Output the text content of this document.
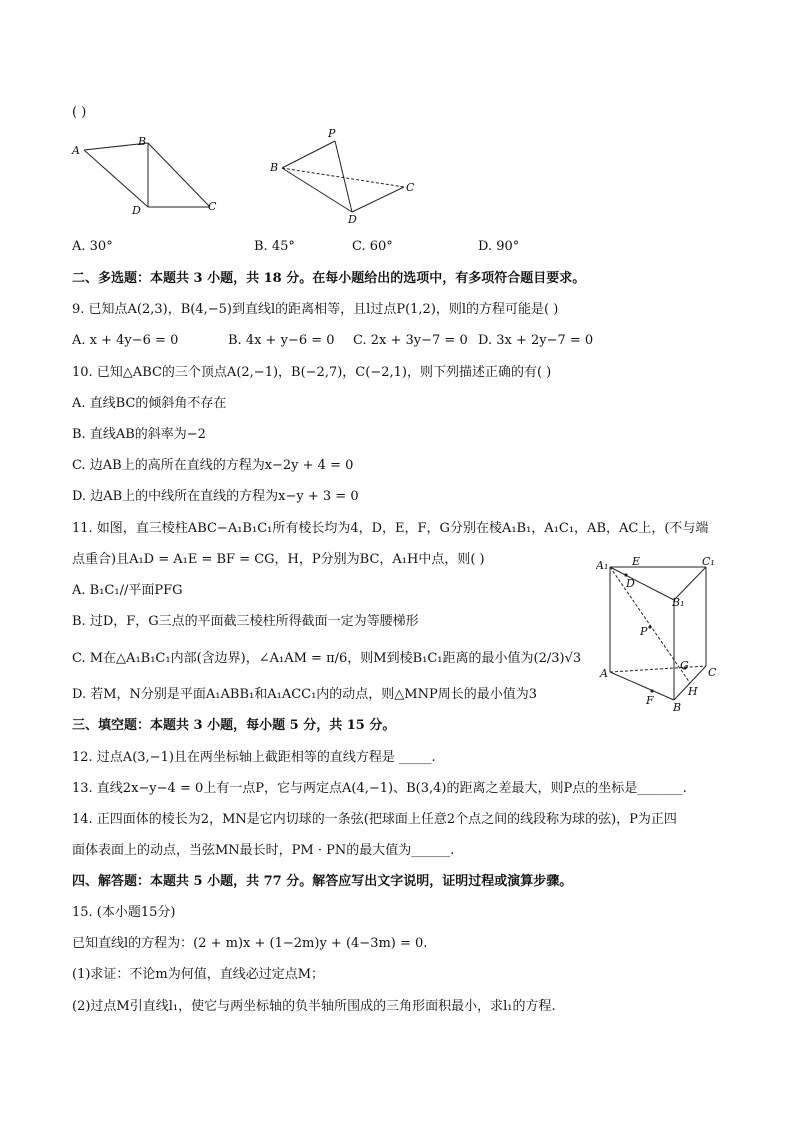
( )
A
B
C
D
P
B
C
D
A. 30°	B. 45°	C. 60°	D. 90°
二、多选题：本题共 3 小题，共 18 分。在每小题给出的选项中，有多项符合题目要求。
9. 已知点A(2,3)，B(4,−5)到直线l的距离相等，且l过点P(1,2)，则l的方程可能是( )
A. x + 4y−6 = 0	B. 4x + y−6 = 0 C. 2x + 3y−7 = 0 D. 3x + 2y−7 = 0
10. 已知△ABC的三个顶点A(2,−1)，B(−2,7)，C(−2,1)，则下列描述正确的有( )
A. 直线BC的倾斜角不存在
B. 直线AB的斜率为−2
C. 边AB上的高所在直线的方程为x−2y + 4 = 0
D. 边AB上的中线所在直线的方程为x−y + 3 = 0
11. 如图，直三棱柱ABC−A₁B₁C₁所有棱长均为4，D，E，F，G分别在棱A₁B₁，A₁C₁，AB，AC上，(不与端
点重合)且A₁D = A₁E = BF = CG，H，P分别为BC，A₁H中点，则( )
A. B₁C₁//平面PFG
B. 过D，F，G三点的平面截三棱柱所得截面一定为等腰梯形
C. M在△A₁B₁C₁内部(含边界)，∠A₁AM = π/6，则M到棱B₁C₁距离的最小值为(2/3)√3
D. 若M，N分别是平面A₁ABB₁和A₁ACC₁内的动点，则△MNP周长的最小值为3
A₁ E	C₁
D
B₁
P
G
A	C
F
H
B
三、填空题：本题共 3 小题，每小题 5 分，共 15 分。
12. 过点A(3,−1)且在两坐标轴上截距相等的直线方程是 _____.
13. 直线2x−y−4 = 0上有一点P，它与两定点A(4,−1)、B(3,4)的距离之差最大，则P点的坐标是_______.
14. 正四面体的棱长为2，MN是它内切球的一条弦(把球面上任意2个点之间的线段称为球的弦)，P为正四
面体表面上的动点，当弦MN最长时，PM · PN的最大值为______.
四、解答题：本题共 5 小题，共 77 分。解答应写出文字说明，证明过程或演算步骤。
15. (本小题15分)
已知直线l的方程为：(2 + m)x + (1−2m)y + (4−3m) = 0.
(1)求证：不论m为何值，直线必过定点M；
(2)过点M引直线l₁，使它与两坐标轴的负半轴所围成的三角形面积最小，求l₁的方程.
